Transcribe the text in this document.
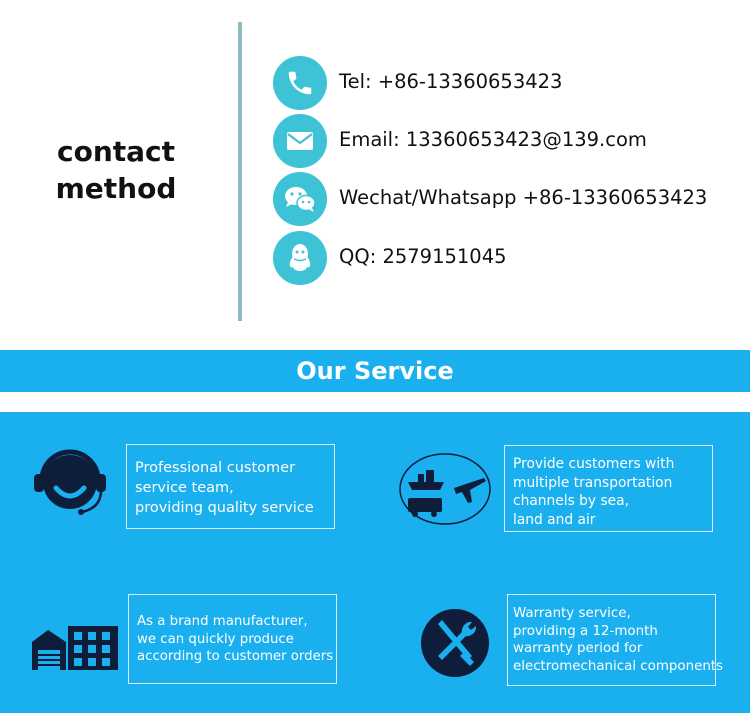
contact
method
Tel: +86-13360653423
Email: 13360653423@139.com
Wechat/Whatsapp +86-13360653423
QQ: 2579151045
Our Service
Professional customer
service team,
providing quality service
Provide customers with
multiple transportation
channels by sea,
land and air
As a brand manufacturer,
we can quickly produce
according to customer orders
Warranty service,
providing a 12-month
warranty period for
electromechanical components
